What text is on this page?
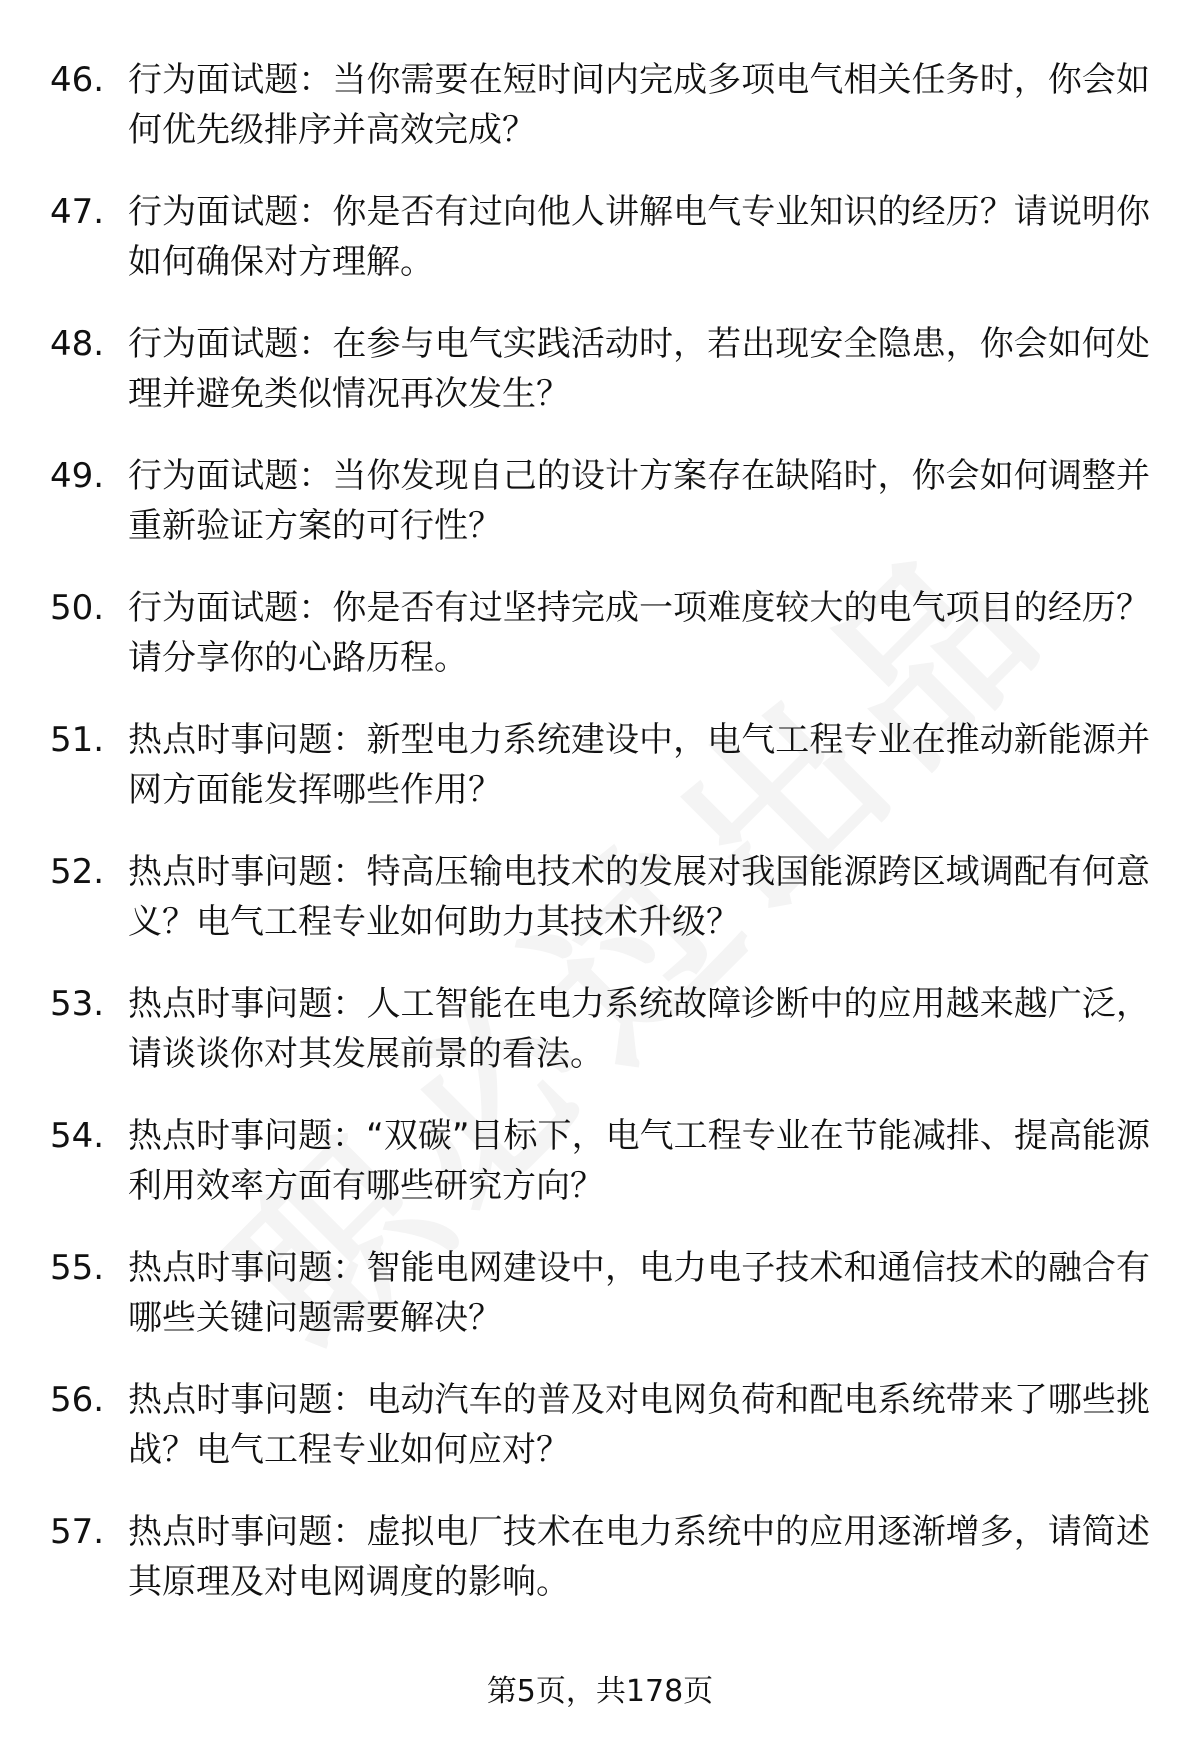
46. 行为面试题：当你需要在短时间内完成多项电气相关任务时，你会如何优先级排序并高效完成？
47. 行为面试题：你是否有过向他人讲解电气专业知识的经历？请说明你如何确保对方理解。
48. 行为面试题：在参与电气实践活动时，若出现安全隐患，你会如何处理并避免类似情况再次发生？
49. 行为面试题：当你发现自己的设计方案存在缺陷时，你会如何调整并重新验证方案的可行性？
50. 行为面试题：你是否有过坚持完成一项难度较大的电气项目的经历？请分享你的心路历程。
51. 热点时事问题：新型电力系统建设中，电气工程专业在推动新能源并网方面能发挥哪些作用？
52. 热点时事问题：特高压输电技术的发展对我国能源跨区域调配有何意义？电气工程专业如何助力其技术升级？
53. 热点时事问题：人工智能在电力系统故障诊断中的应用越来越广泛，请谈谈你对其发展前景的看法。
54. 热点时事问题：“双碳”目标下，电气工程专业在节能减排、提高能源利用效率方面有哪些研究方向？
55. 热点时事问题：智能电网建设中，电力电子技术和通信技术的融合有哪些关键问题需要解决？
56. 热点时事问题：电动汽车的普及对电网负荷和配电系统带来了哪些挑战？电气工程专业如何应对？
57. 热点时事问题：虚拟电厂技术在电力系统中的应用逐渐增多，请简述其原理及对电网调度的影响。
第5页，共178页
